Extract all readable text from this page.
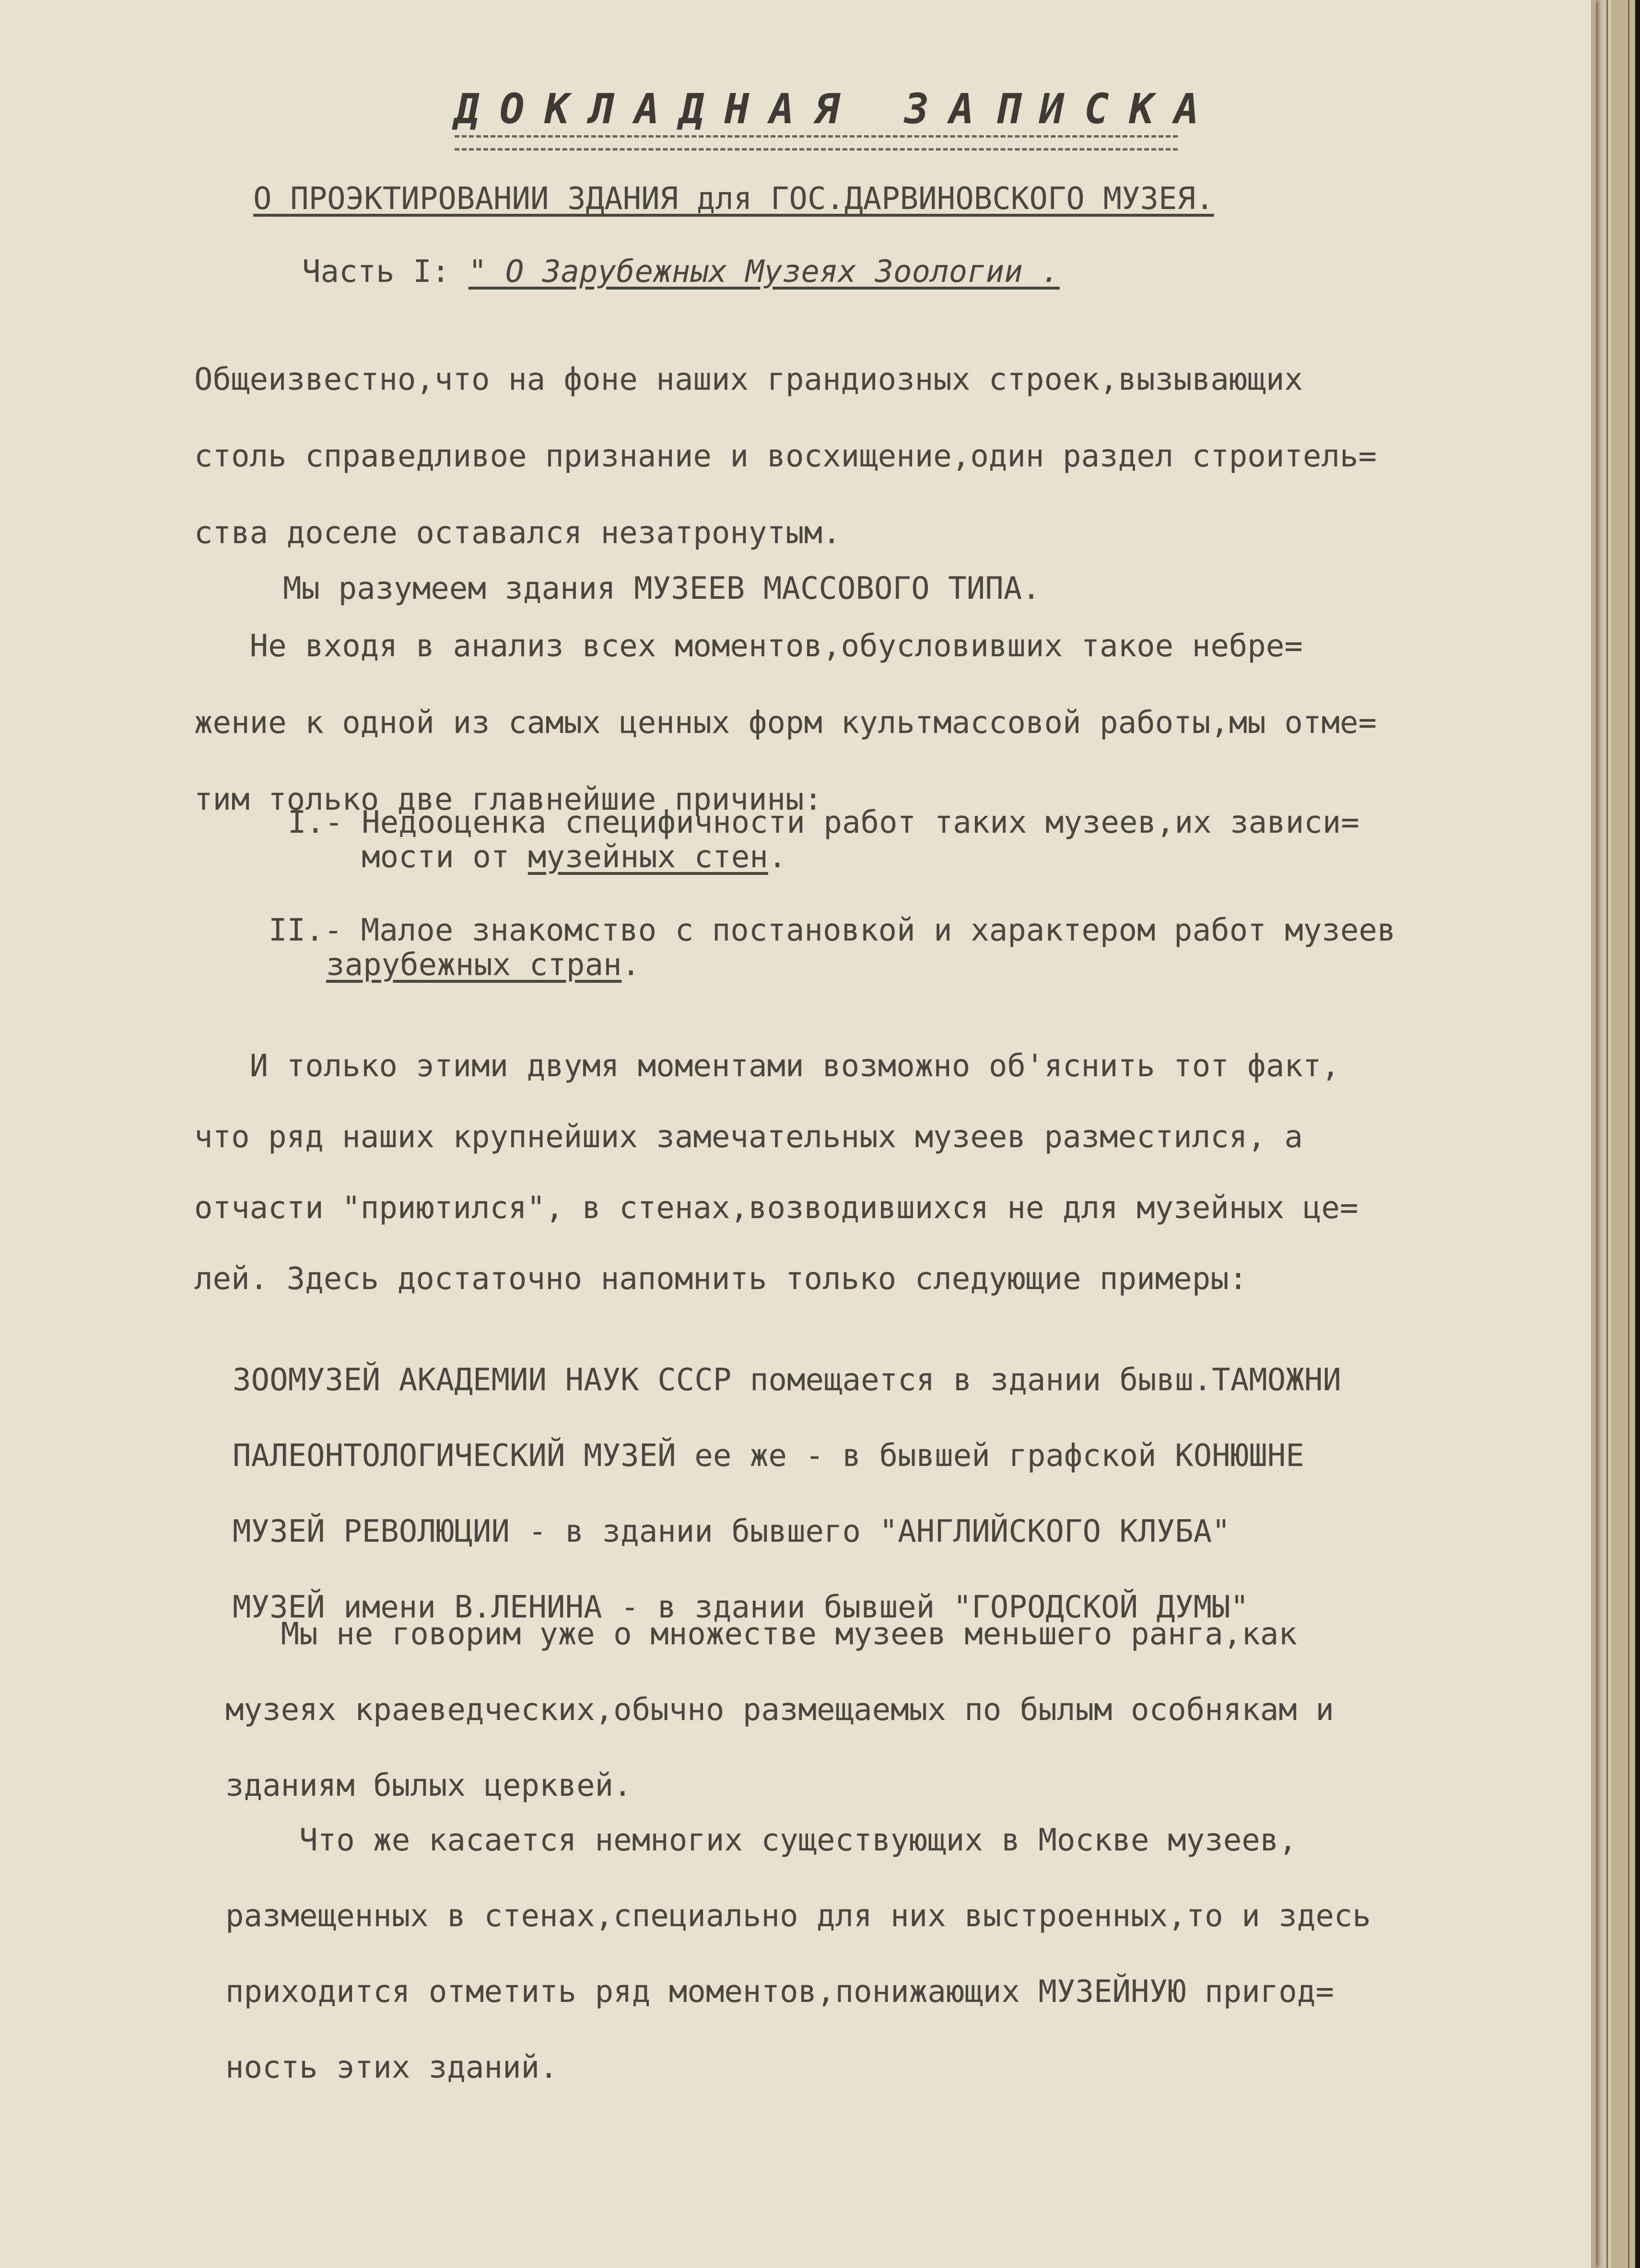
ДОКЛАДНАЯ ЗАПИСКА
О ПРОЭКТИРОВАНИИ ЗДАНИЯ для ГОС.ДАРВИНОВСКОГО МУЗЕЯ.
Часть I: " О Зарубежных Музеях Зоологии .
Общеизвестно,что на фоне наших грандиозных строек,вызывающих
столь справедливое признание и восхищение,один раздел строитель=
ства доселе оставался незатронутым.
Мы разумеем здания МУЗЕЕВ МАССОВОГО ТИПА.
Не входя в анализ всех моментов,обусловивших такое небре=
жение к одной из самых ценных форм культмассовой работы,мы отме=
тим только две главнейшие причины:
I.- Недооценка специфичности работ таких музеев,их зависи=
мости от музейных стен.
II.- Малое знакомство с постановкой и характером работ музеев
зарубежных стран.
И только этими двумя моментами возможно об'яснить тот факт,
что ряд наших крупнейших замечательных музеев разместился, а
отчасти "приютился", в стенах,возводившихся не для музейных це=
лей. Здесь достаточно напомнить только следующие примеры:
ЗООМУЗЕЙ АКАДЕМИИ НАУК СССР помещается в здании бывш.ТАМОЖНИ
ПАЛЕОНТОЛОГИЧЕСКИЙ МУЗЕЙ ее же - в бывшей графской КОНЮШНЕ
МУЗЕЙ РЕВОЛЮЦИИ - в здании бывшего "АНГЛИЙСКОГО КЛУБА"
МУЗЕЙ имени В.ЛЕНИНА - в здании бывшей "ГОРОДСКОЙ ДУМЫ"
Мы не говорим уже о множестве музеев меньшего ранга,как
музеях краеведческих,обычно размещаемых по былым особнякам и
зданиям былых церквей.
Что же касается немногих существующих в Москве музеев,
размещенных в стенах,специально для них выстроенных,то и здесь
приходится отметить ряд моментов,понижающих МУЗЕЙНУЮ пригод=
ность этих зданий.
